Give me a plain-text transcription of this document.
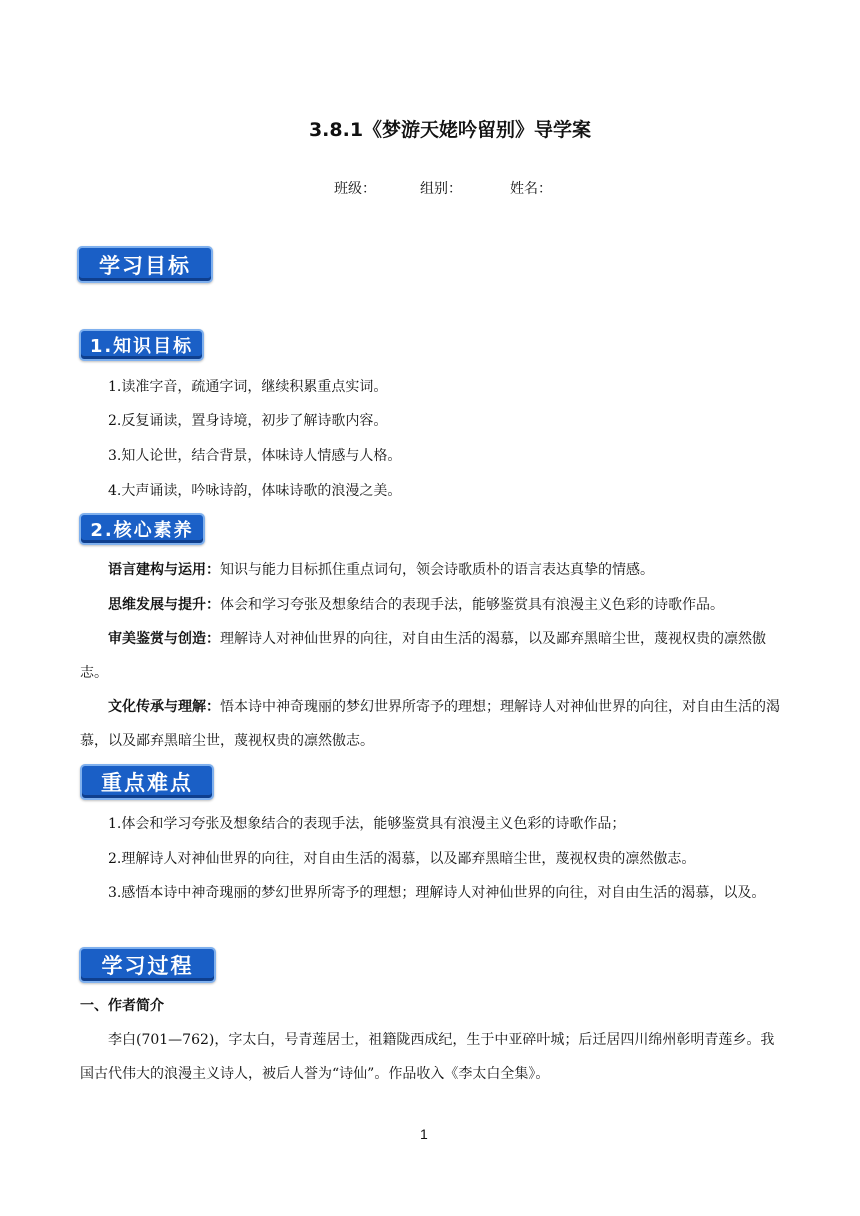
3.8.1《梦游天姥吟留别》导学案
班级：	组别：	姓名：
学习目标
1.知识目标
1.读准字音，疏通字词，继续积累重点实词。
2.反复诵读，置身诗境，初步了解诗歌内容。
3.知人论世，结合背景，体味诗人情感与人格。
4.大声诵读，吟咏诗韵，体味诗歌的浪漫之美。
2.核心素养
语言建构与运用：知识与能力目标抓住重点词句，领会诗歌质朴的语言表达真挚的情感。
思维发展与提升：体会和学习夸张及想象结合的表现手法，能够鉴赏具有浪漫主义色彩的诗歌作品。
审美鉴赏与创造：理解诗人对神仙世界的向往，对自由生活的渴慕，以及鄙弃黑暗尘世，蔑视权贵的凛然傲志。
文化传承与理解：悟本诗中神奇瑰丽的梦幻世界所寄予的理想；理解诗人对神仙世界的向往，对自由生活的渴慕，以及鄙弃黑暗尘世，蔑视权贵的凛然傲志。
重点难点
1.体会和学习夸张及想象结合的表现手法，能够鉴赏具有浪漫主义色彩的诗歌作品；
2.理解诗人对神仙世界的向往，对自由生活的渴慕，以及鄙弃黑暗尘世，蔑视权贵的凛然傲志。
3.感悟本诗中神奇瑰丽的梦幻世界所寄予的理想；理解诗人对神仙世界的向往，对自由生活的渴慕，以及。
学习过程
一、作者简介
李白(701—762)，字太白，号青莲居士，祖籍陇西成纪，生于中亚碎叶城；后迁居四川绵州彰明青莲乡。我国古代伟大的浪漫主义诗人，被后人誉为“诗仙”。作品收入《李太白全集》。
1
